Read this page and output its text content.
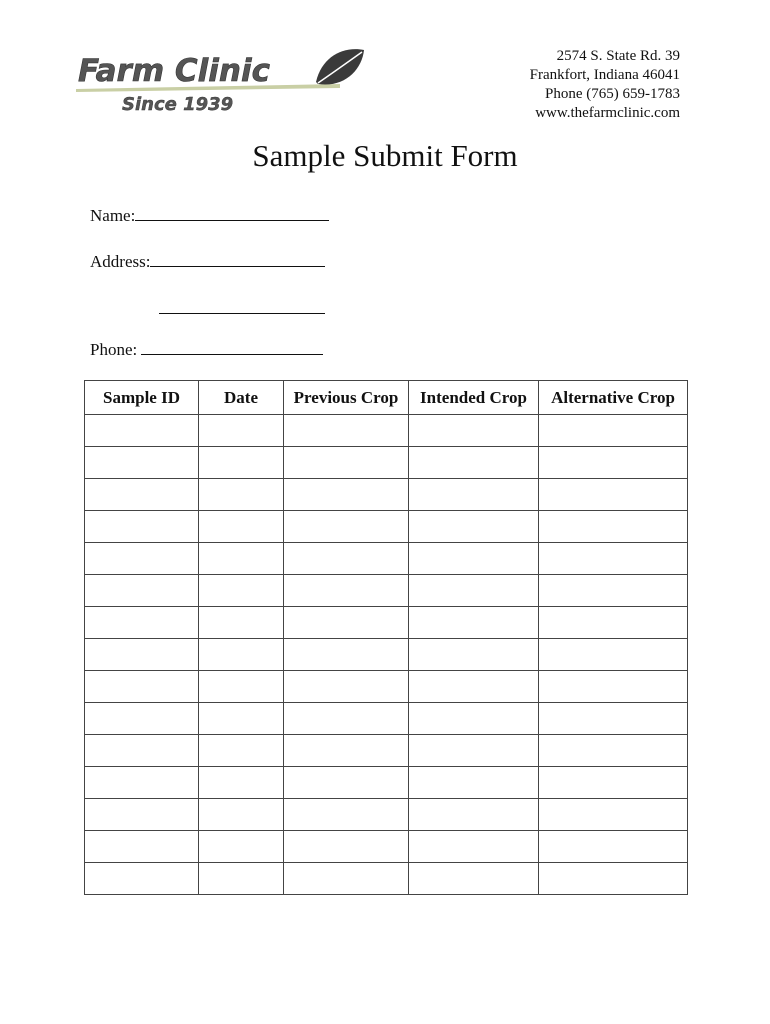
Farm Clinic
Since 1939
2574 S. State Rd. 39
Frankfort, Indiana 46041
Phone (765) 659-1783
www.thefarmclinic.com
Sample Submit Form
Name:
Address:
Phone:
Sample ID	Date	Previous Crop	Intended Crop	Alternative Crop
